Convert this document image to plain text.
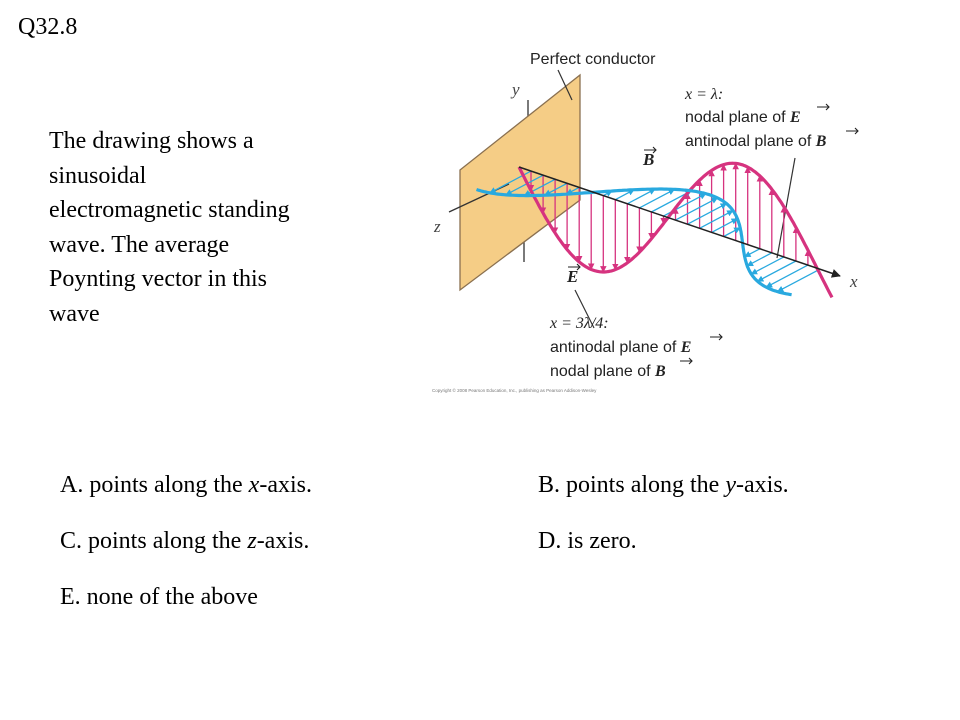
Q32.8
The drawing shows a sinusoidal electromagnetic standing wave. The average Poynting vector in this wave
A. points along the x-axis.	B. points along the y-axis.
C. points along the z-axis.	D. is zero.
E. none of the above
Perfect conductor
y
z
x
B
E
x = λ:
nodal plane of E
antinodal plane of B
x = 3λ/4:
antinodal plane of E
nodal plane of B
Copyright © 2008 Pearson Education, Inc., publishing as Pearson Addison-Wesley
